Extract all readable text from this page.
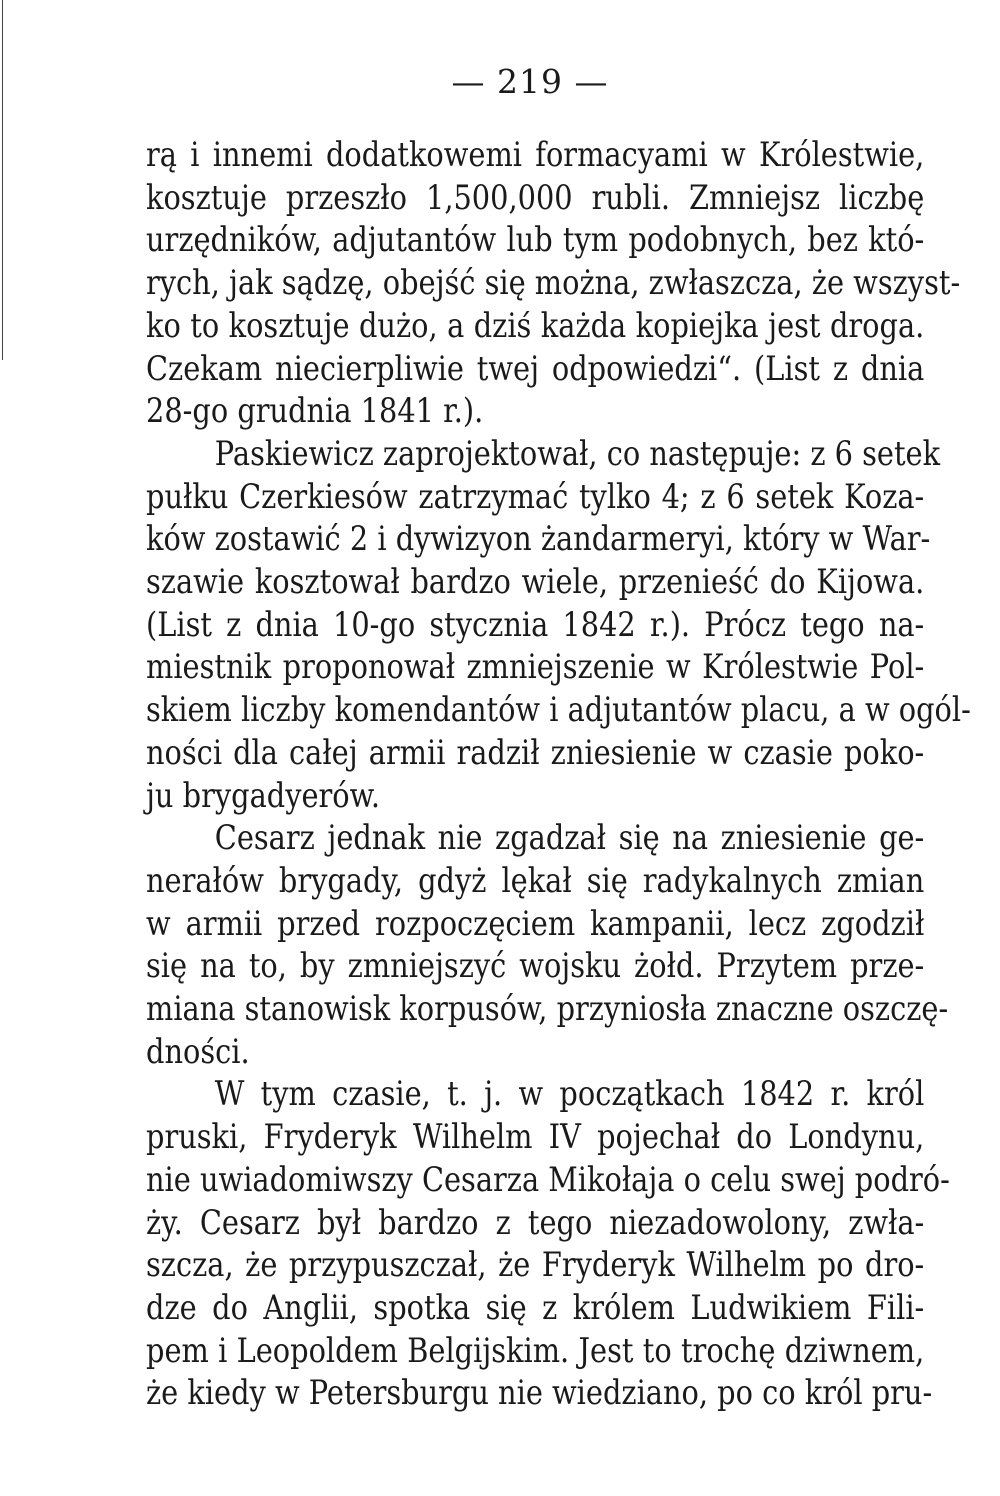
— 219 —
rą i innemi dodatkowemi formacyami w Królestwie,
kosztuje przeszło 1,500,000 rubli. Zmniejsz liczbę
urzędników, adjutantów lub tym podobnych, bez któ-
rych, jak sądzę, obejść się można, zwłaszcza, że wszyst-
ko to kosztuje dużo, a dziś każda kopiejka jest droga.
Czekam niecierpliwie twej odpowiedzi“. (List z dnia
28-go grudnia 1841 r.).
Paskiewicz zaprojektował, co następuje: z 6 setek
pułku Czerkiesów zatrzymać tylko 4; z 6 setek Koza-
ków zostawić 2 i dywizyon żandarmeryi, który w War-
szawie kosztował bardzo wiele, przenieść do Kijowa.
(List z dnia 10-go stycznia 1842 r.). Prócz tego na-
miestnik proponował zmniejszenie w Królestwie Pol-
skiem liczby komendantów i adjutantów placu, a w ogól-
ności dla całej armii radził zniesienie w czasie poko-
ju brygadyerów.
Cesarz jednak nie zgadzał się na zniesienie ge-
nerałów brygady, gdyż lękał się radykalnych zmian
w armii przed rozpoczęciem kampanii, lecz zgodził
się na to, by zmniejszyć wojsku żołd. Przytem prze-
miana stanowisk korpusów, przyniosła znaczne oszczę-
dności.
W tym czasie, t. j. w początkach 1842 r. król
pruski, Fryderyk Wilhelm IV pojechał do Londynu,
nie uwiadomiwszy Cesarza Mikołaja o celu swej podró-
ży. Cesarz był bardzo z tego niezadowolony, zwła-
szcza, że przypuszczał, że Fryderyk Wilhelm po dro-
dze do Anglii, spotka się z królem Ludwikiem Fili-
pem i Leopoldem Belgijskim. Jest to trochę dziwnem,
że kiedy w Petersburgu nie wiedziano, po co król pru-
